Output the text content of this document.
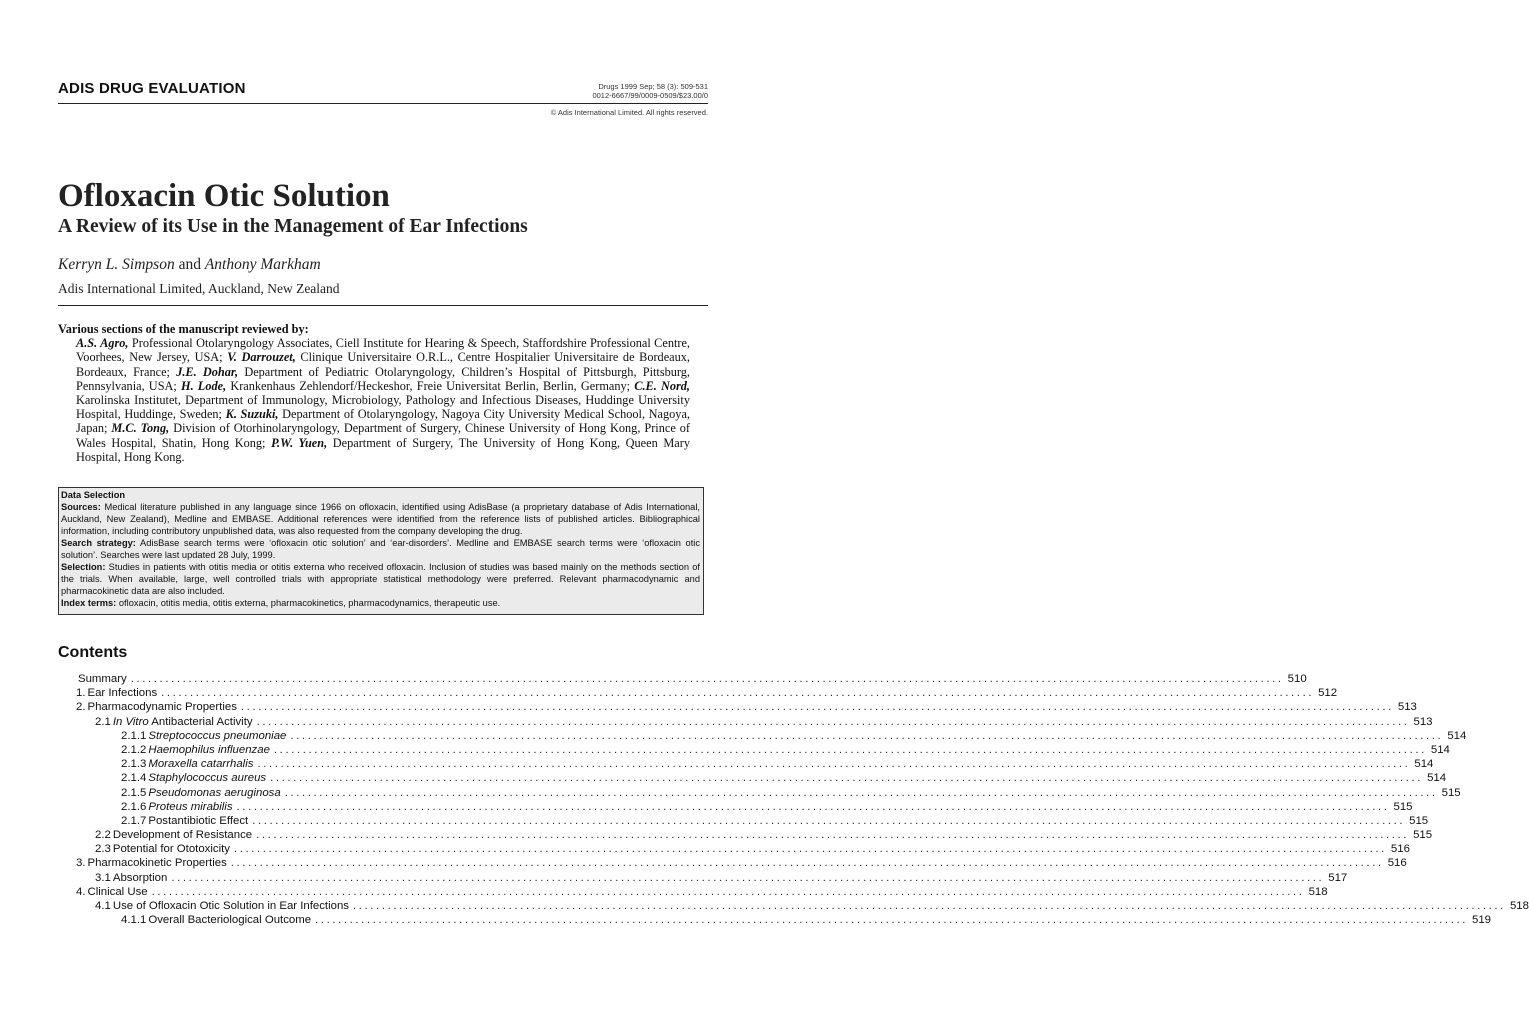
ADIS DRUG EVALUATION	Drugs 1999 Sep; 58 (3): 509-531
0012-6667/99/0009-0509/$23.00/0
© Adis International Limited. All rights reserved.
Ofloxacin Otic Solution
A Review of its Use in the Management of Ear Infections
Kerryn L. Simpson and Anthony Markham
Adis International Limited, Auckland, New Zealand
Various sections of the manuscript reviewed by:
A.S. Agro, Professional Otolaryngology Associates, Ciell Institute for Hearing & Speech, Staffordshire Professional Centre, Voorhees, New Jersey, USA; V. Darrouzet, Clinique Universitaire O.R.L., Centre Hospitalier Universitaire de Bordeaux, Bordeaux, France; J.E. Dohar, Department of Pediatric Otolaryngology, Children’s Hospital of Pittsburgh, Pittsburg, Pennsylvania, USA; H. Lode, Krankenhaus Zehlendorf/Heckeshor, Freie Universitat Berlin, Berlin, Germany; C.E. Nord, Karolinska Institutet, Department of Immunology, Microbiology, Pathology and Infectious Diseases, Huddinge University Hospital, Huddinge, Sweden; K. Suzuki, Department of Otolaryngology, Nagoya City University Medical School, Nagoya, Japan; M.C. Tong, Division of Otorhinolaryngology, Department of Surgery, Chinese University of Hong Kong, Prince of Wales Hospital, Shatin, Hong Kong; P.W. Yuen, Department of Surgery, The University of Hong Kong, Queen Mary Hospital, Hong Kong.
Data Selection
Sources: Medical literature published in any language since 1966 on ofloxacin, identified using AdisBase (a proprietary database of Adis International, Auckland, New Zealand), Medline and EMBASE. Additional references were identified from the reference lists of published articles. Bibliographical information, including contributory unpublished data, was also requested from the company developing the drug.
Search strategy: AdisBase search terms were ‘ofloxacin otic solution’ and ‘ear-disorders’. Medline and EMBASE search terms were ‘ofloxacin otic solution’. Searches were last updated 28 July, 1999.
Selection: Studies in patients with otitis media or otitis externa who received ofloxacin. Inclusion of studies was based mainly on the methods section of the trials. When available, large, well controlled trials with appropriate statistical methodology were preferred. Relevant pharmacodynamic and pharmacokinetic data are also included.
Index terms: ofloxacin, otitis media, otitis externa, pharmacokinetics, pharmacodynamics, therapeutic use.
Contents
Summary ........................................................................................................................................................................................................ 510
1. Ear Infections ........................................................................................................................................................................................................ 512
2. Pharmacodynamic Properties ........................................................................................................................................................................................................ 513
2.1 In Vitro Antibacterial Activity ........................................................................................................................................................................................................ 513
2.1.1 Streptococcus pneumoniae ........................................................................................................................................................................................................ 514
2.1.2 Haemophilus influenzae ........................................................................................................................................................................................................ 514
2.1.3 Moraxella catarrhalis ........................................................................................................................................................................................................ 514
2.1.4 Staphylococcus aureus ........................................................................................................................................................................................................ 514
2.1.5 Pseudomonas aeruginosa ........................................................................................................................................................................................................ 515
2.1.6 Proteus mirabilis ........................................................................................................................................................................................................ 515
2.1.7 Postantibiotic Effect ........................................................................................................................................................................................................ 515
2.2 Development of Resistance ........................................................................................................................................................................................................ 515
2.3 Potential for Ototoxicity ........................................................................................................................................................................................................ 516
3. Pharmacokinetic Properties ........................................................................................................................................................................................................ 516
3.1 Absorption ........................................................................................................................................................................................................ 517
4. Clinical Use ........................................................................................................................................................................................................ 518
4.1 Use of Ofloxacin Otic Solution in Ear Infections ........................................................................................................................................................................................................ 518
4.1.1 Overall Bacteriological Outcome ........................................................................................................................................................................................................ 519
